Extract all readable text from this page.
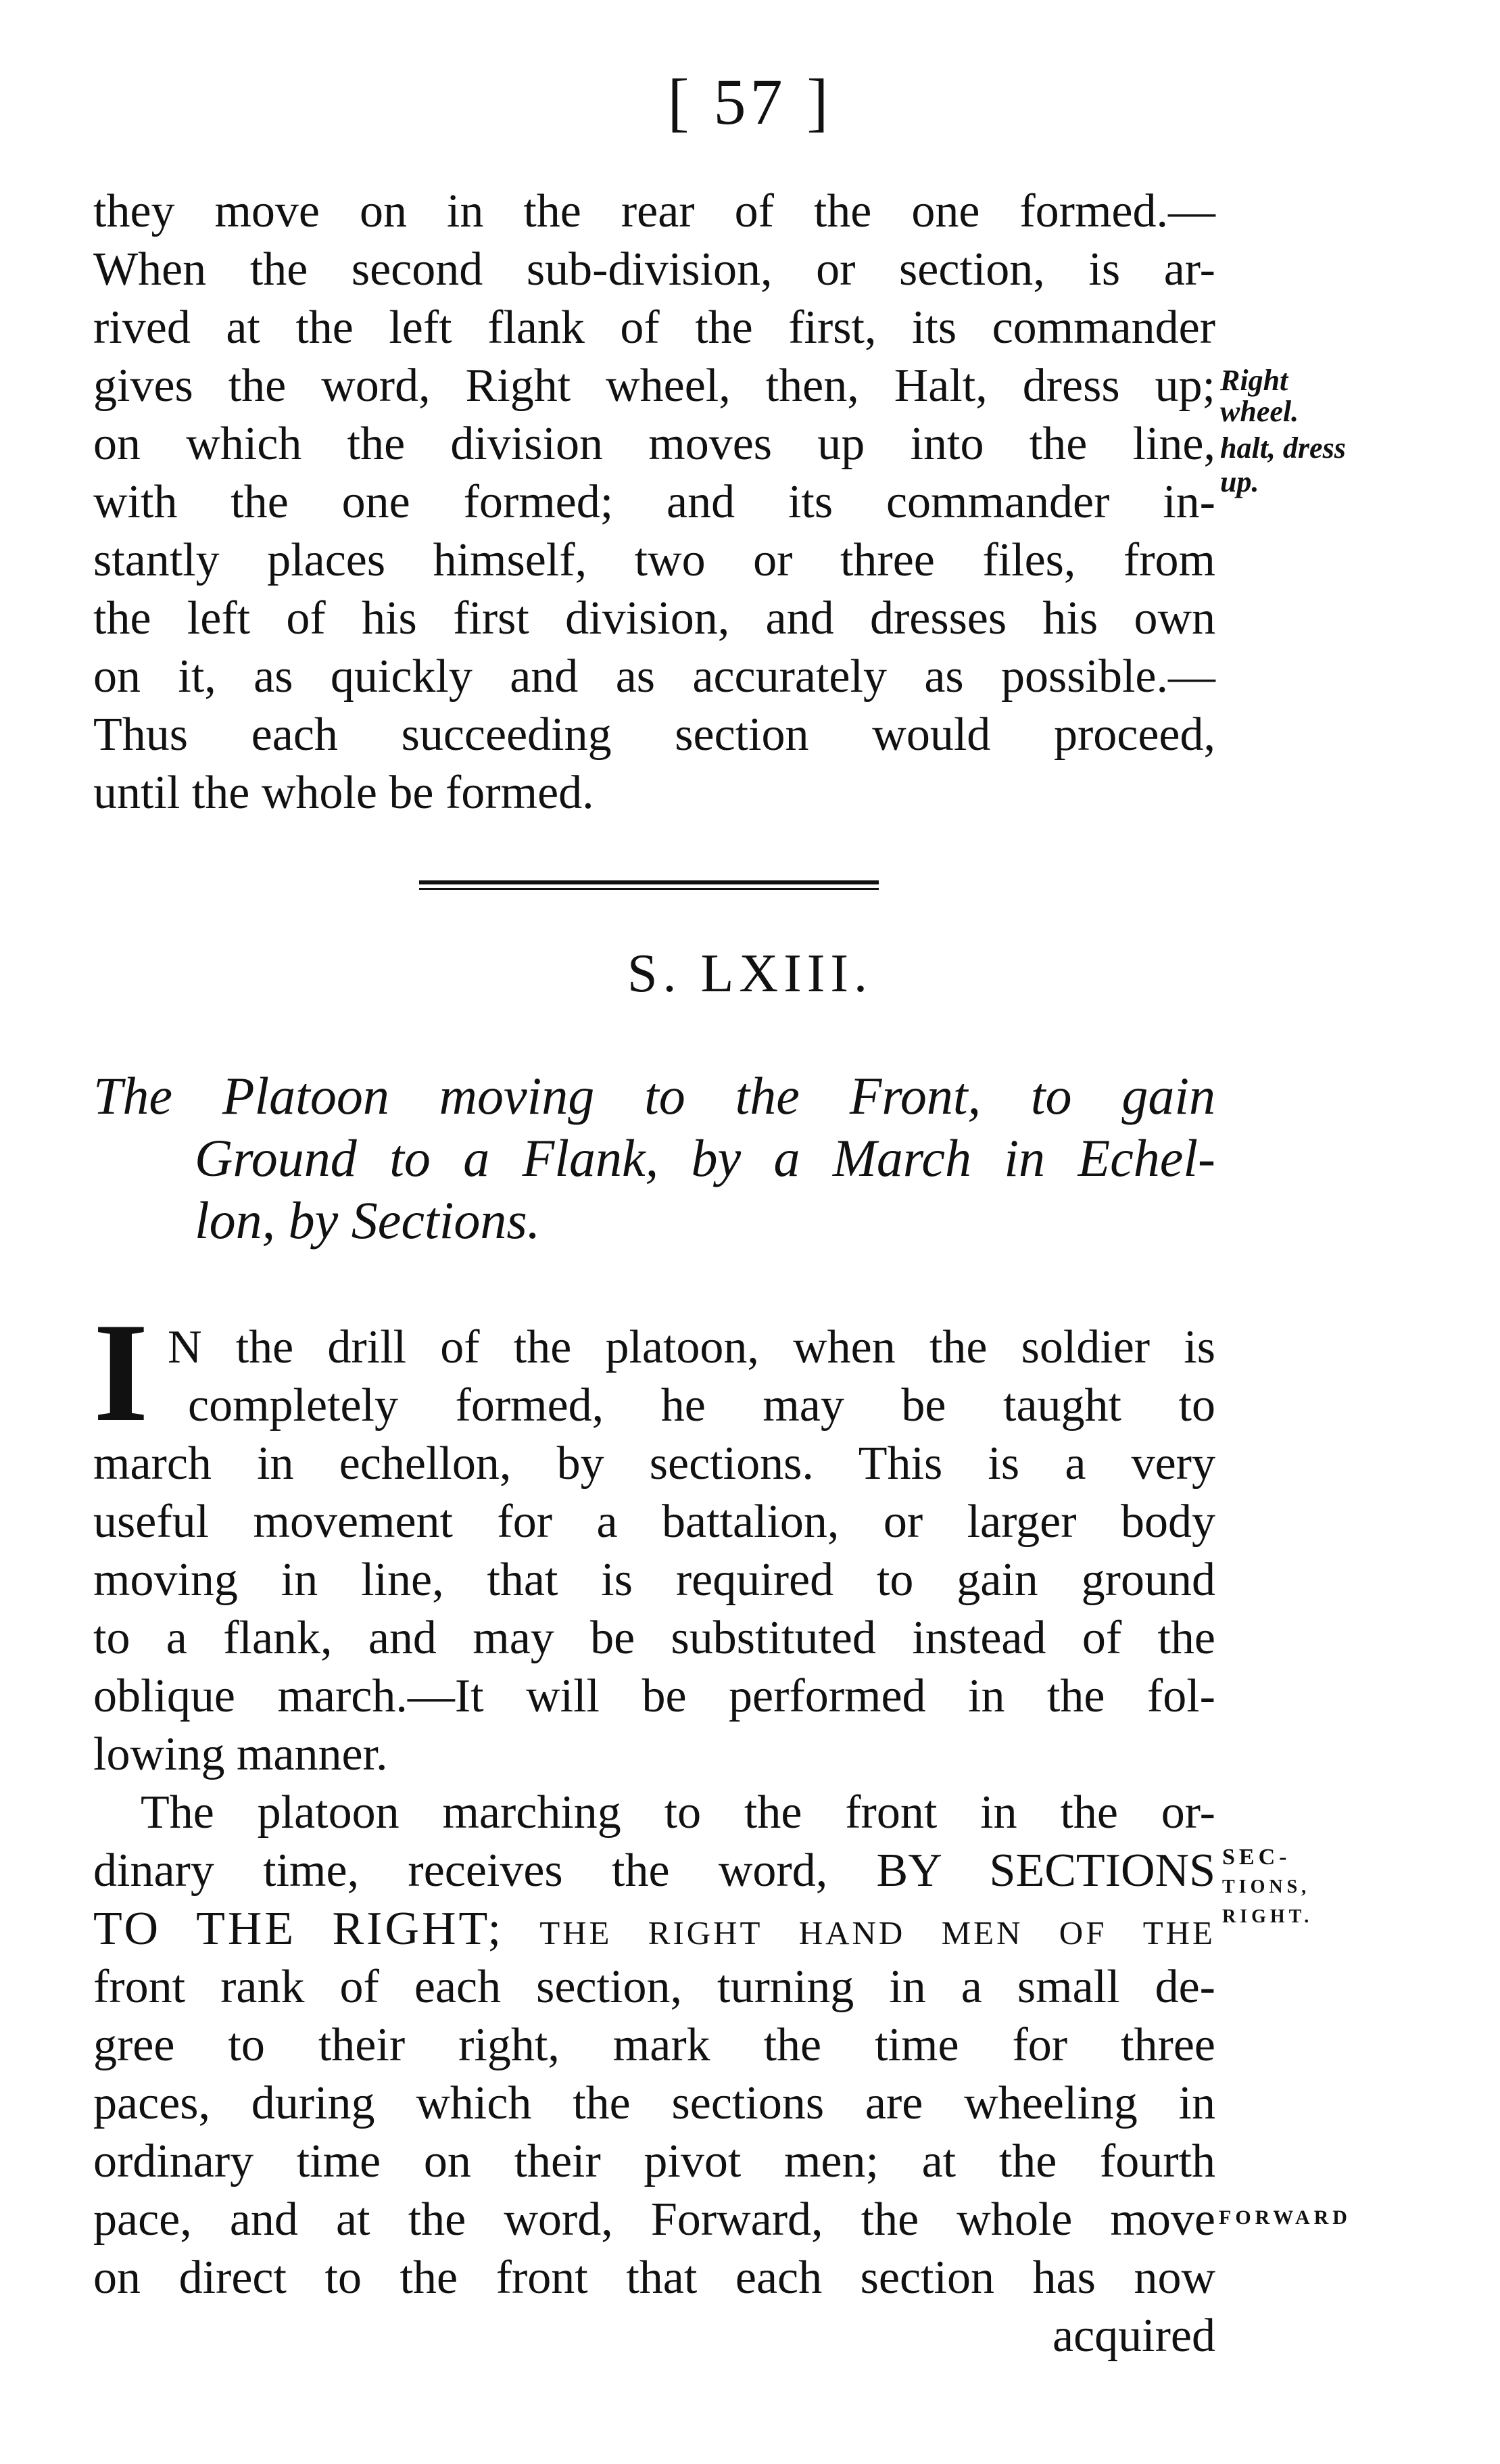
[ 57 ]
they move on in the rear of the one formed.—
When the second sub-division, or section, is ar-
rived at the left flank of the first, its commander
gives the word, Right wheel, then, Halt, dress up;
on which the division moves up into the line,
with the one formed; and its commander in-
stantly places himself, two or three files, from
the left of his first division, and dresses his own
on it, as quickly and as accurately as possible.—
Thus each succeeding section would proceed,
until the whole be formed.
Right
wheel.
halt, dress
up.
S. LXIII.
The Platoon moving to the Front, to gain
Ground to a Flank, by a March in Echel-
lon, by Sections.
I N the drill of the platoon, when the soldier is
completely formed, he may be taught to
march in echellon, by sections. This is a very
useful movement for a battalion, or larger body
moving in line, that is required to gain ground
to a flank, and may be substituted instead of the
oblique march.—It will be performed in the fol-
lowing manner.
The platoon marching to the front in the or-
dinary time, receives the word, BY SECTIONS
TO THE RIGHT; the right hand men of the
front rank of each section, turning in a small de-
gree to their right, mark the time for three
paces, during which the sections are wheeling in
ordinary time on their pivot men; at the fourth
pace, and at the word, Forward, the whole move
on direct to the front that each section has now
acquired
SEC-
TIONS,
RIGHT.
FORWARD
